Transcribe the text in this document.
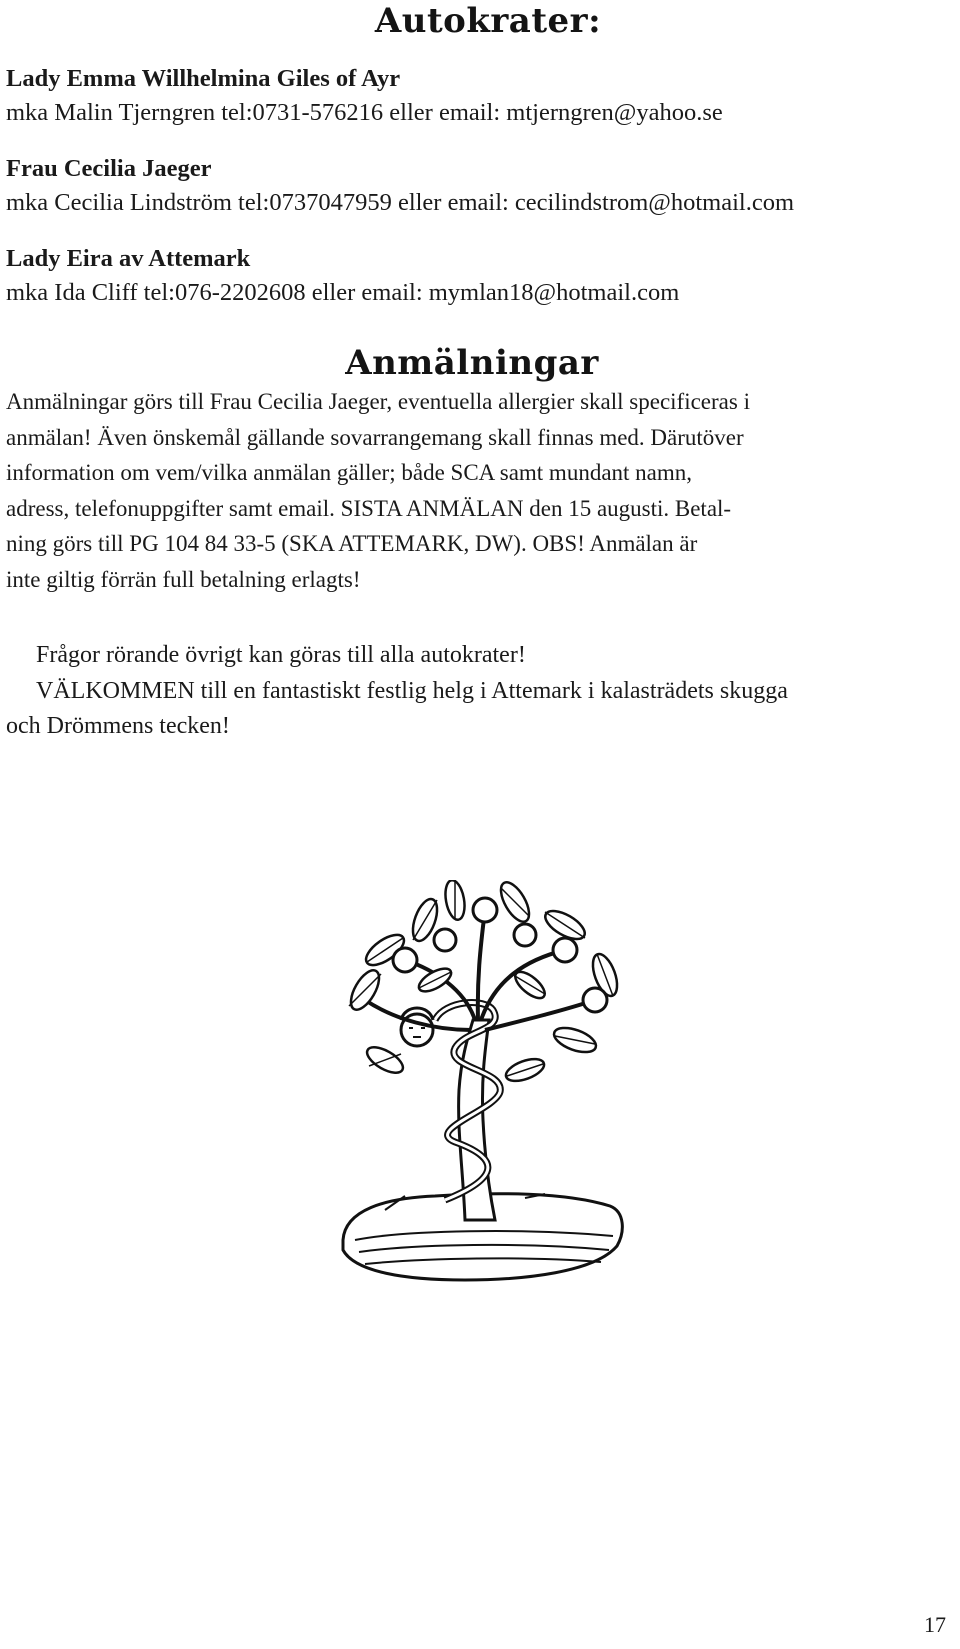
Autokrater:
Lady Emma Willhelmina Giles of Ayr
mka Malin Tjerngren tel:0731-576216 eller email: mtjerngren@yahoo.se
Frau Cecilia Jaeger
mka Cecilia Lindström tel:0737047959 eller email: cecilindstrom@hotmail.com
Lady Eira av Attemark
mka Ida Cliff tel:076-2202608 eller email: mymlan18@hotmail.com
Anmälningar

Anmälningar görs till Frau Cecilia Jaeger, eventuella allergier skall specificeras i
anmälan! Även önskemål gällande sovarrangemang skall finnas med. Därutöver
information om vem/vilka anmälan gäller; både SCA samt mundant namn,
adress, telefonuppgifter samt email. SISTA ANMÄLAN den 15 augusti. Betal-
ning görs till PG 104 84 33-5 (SKA ATTEMARK, DW). OBS! Anmälan är
inte giltig förrän full betalning erlagts!

Frågor rörande övrigt kan göras till alla autokrater!
VÄLKOMMEN till en fantastiskt festlig helg i Attemark i kalasträdets skugga
och Drömmens tecken!

17
